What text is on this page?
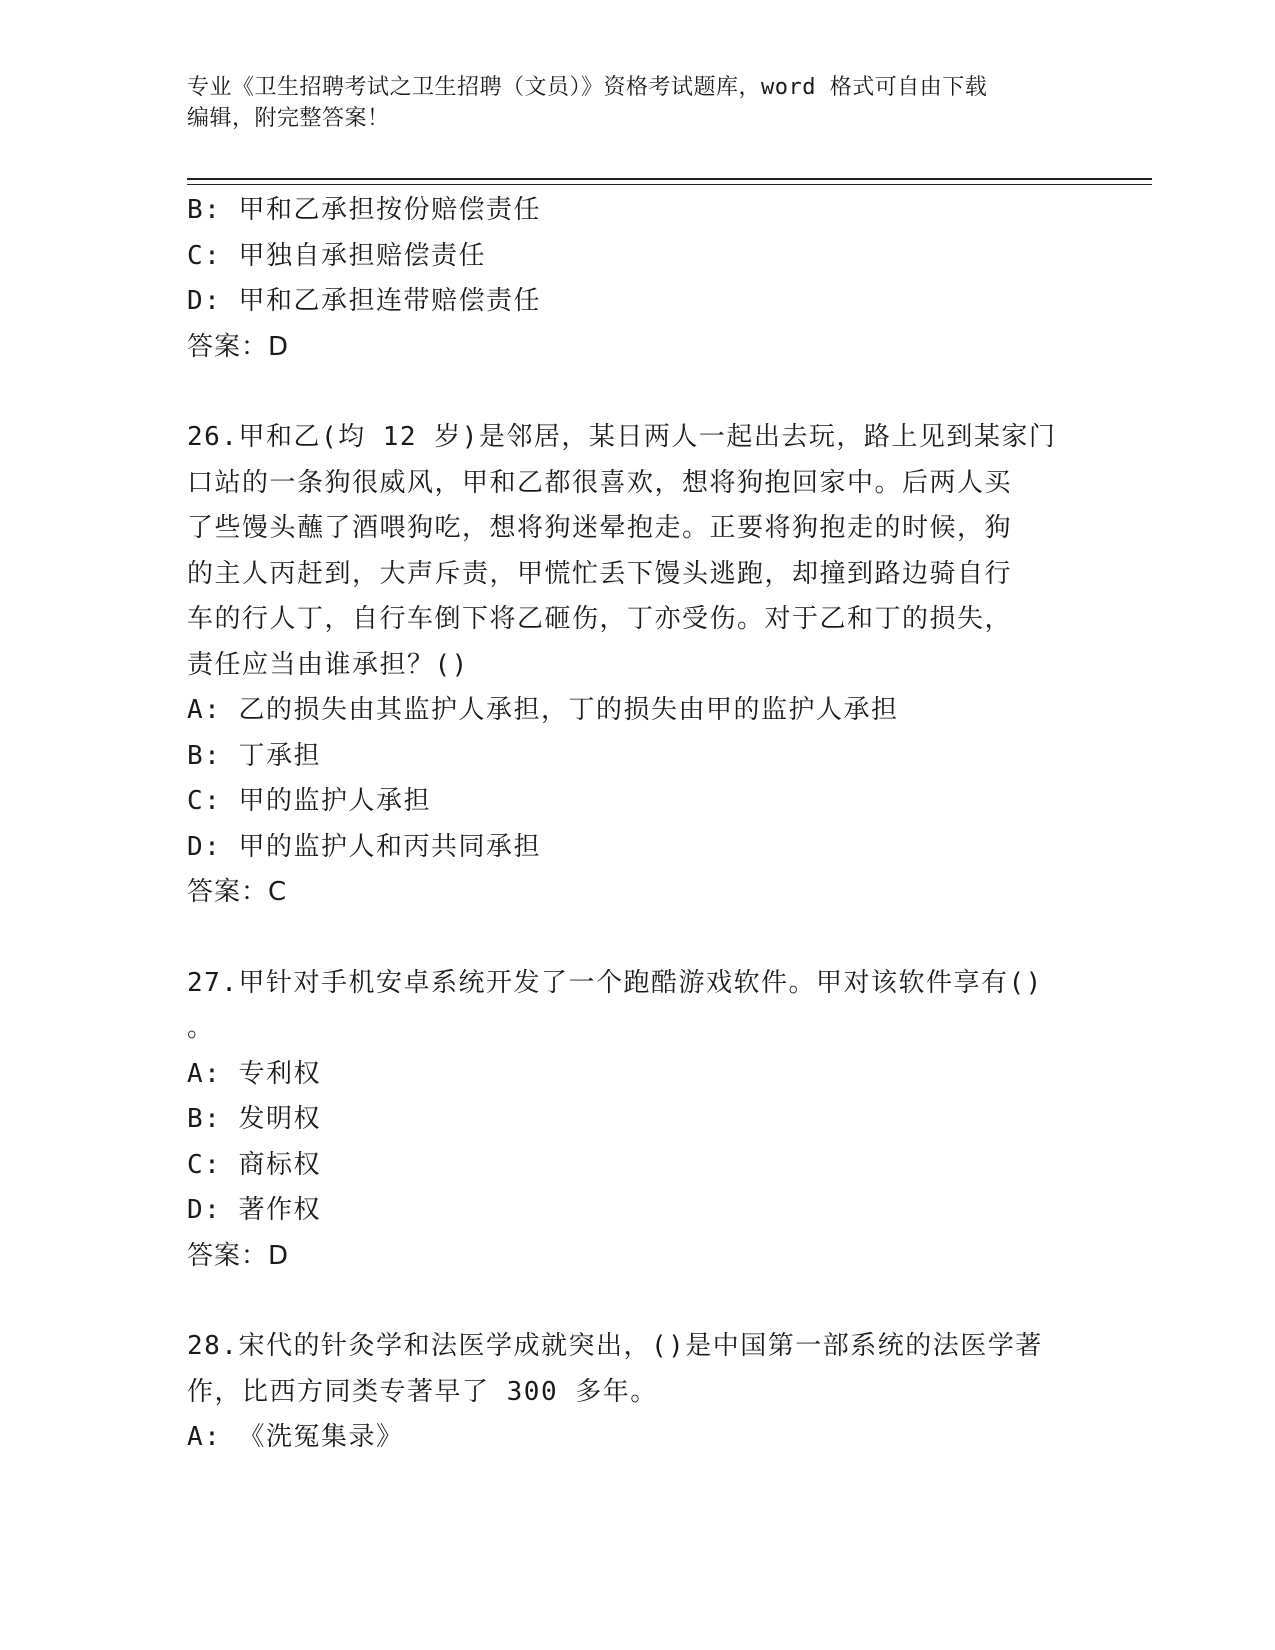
专业《卫生招聘考试之卫生招聘（文员）》资格考试题库，word 格式可自由下载
编辑，附完整答案！
B: 甲和乙承担按份赔偿责任
C: 甲独自承担赔偿责任
D: 甲和乙承担连带赔偿责任
答案：D
26.甲和乙(均 12 岁)是邻居，某日两人一起出去玩，路上见到某家门
口站的一条狗很威风，甲和乙都很喜欢，想将狗抱回家中。后两人买
了些馒头蘸了酒喂狗吃，想将狗迷晕抱走。正要将狗抱走的时候，狗
的主人丙赶到，大声斥责，甲慌忙丢下馒头逃跑，却撞到路边骑自行
车的行人丁，自行车倒下将乙砸伤，丁亦受伤。对于乙和丁的损失，
责任应当由谁承担？()
A: 乙的损失由其监护人承担，丁的损失由甲的监护人承担
B: 丁承担
C: 甲的监护人承担
D: 甲的监护人和丙共同承担
答案：C
27.甲针对手机安卓系统开发了一个跑酷游戏软件。甲对该软件享有()
。
A: 专利权
B: 发明权
C: 商标权
D: 著作权
答案：D
28.宋代的针灸学和法医学成就突出，()是中国第一部系统的法医学著
作，比西方同类专著早了 300 多年。
A: 《洗冤集录》
